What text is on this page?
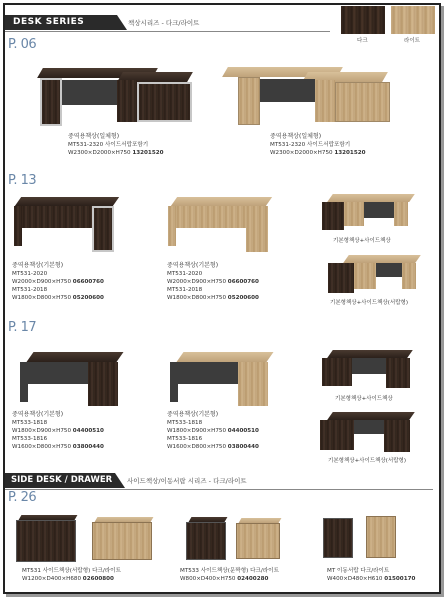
DESK SERIES	책상시리즈 - 다크/라이트
다크	라이트
P. 06
중역용책상(일체형)
MT531-2320 사이드서랍포함기
W2300×D2000×H750 13201520
중역용책상(일체형)
MT531-2320 사이드서랍포함기
W2300×D2000×H750 13201520
P. 13
중역용책상(기본형)
MT531-2020
W2000×D900×H750 06600760
MT531-2018
W1800×D800×H750 05200600
중역용책상(기본형)
MT531-2020
W2000×D900×H750 06600760
MT531-2018
W1800×D800×H750 05200600
기본형책상+사이드책상
기본형책상+사이드책상(서랍형)
P. 17
중역용책상(기본형)
MT533-1818
W1800×D900×H750 04400510
MT533-1816
W1600×D800×H750 03800440
중역용책상(기본형)
MT533-1818
W1800×D900×H750 04400510
MT533-1816
W1600×D800×H750 03800440
기본형책상+사이드책상
기본형책상+사이드책상(서랍형)
SIDE DESK / DRAWER	사이드책상/이동서랍 시리즈 - 다크/라이트
P. 26
MT531 사이드책상(서랍형) 다크/라이트
W1200×D400×H680 02600800
MT533 사이드책상(문짝형) 다크/라이트
W800×D400×H750 02400280
MT 이동서랍 다크/라이트
W400×D480×H610 01500170
